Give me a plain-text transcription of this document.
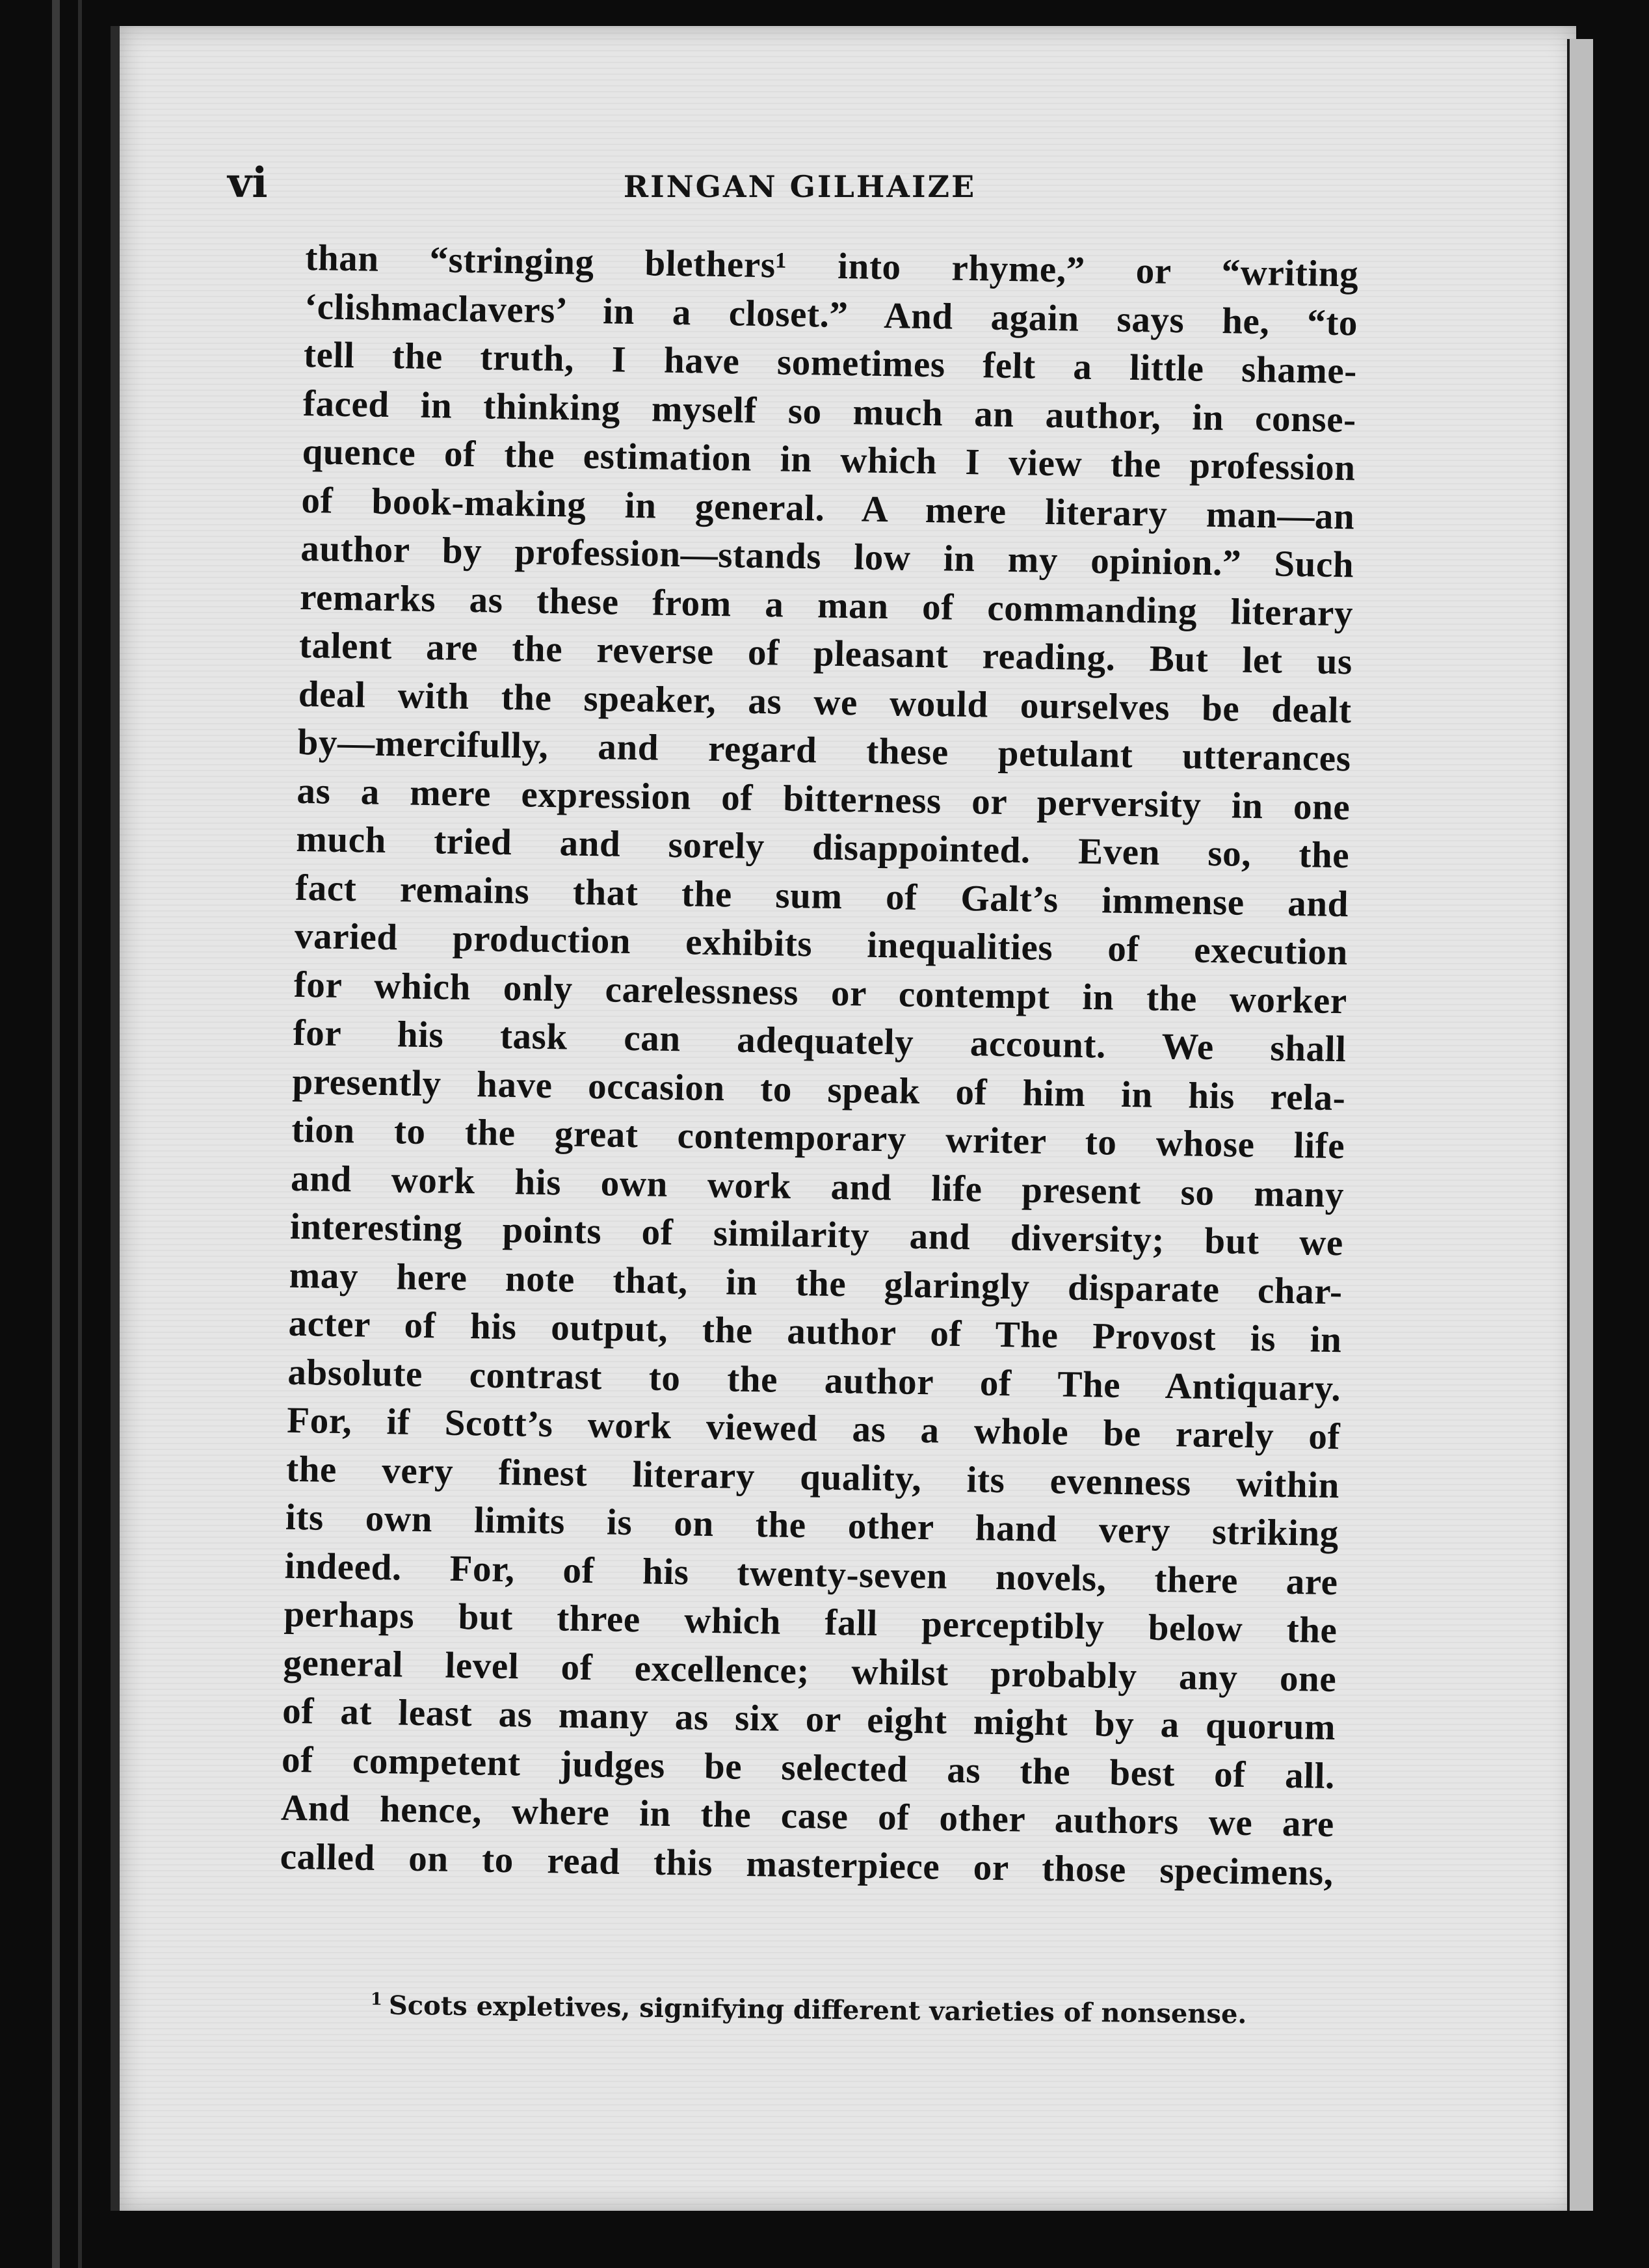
vi	RINGAN GILHAIZE
than “stringing blethers¹ into rhyme,” or “writing
‘clishmaclavers’ in a closet.” And again says he, “to
tell the truth, I have sometimes felt a little shame-
faced in thinking myself so much an author, in conse-
quence of the estimation in which I view the profession
of book-making in general. A mere literary man—an
author by profession—stands low in my opinion.” Such
remarks as these from a man of commanding literary
talent are the reverse of pleasant reading. But let us
deal with the speaker, as we would ourselves be dealt
by—mercifully, and regard these petulant utterances
as a mere expression of bitterness or perversity in one
much tried and sorely disappointed. Even so, the
fact remains that the sum of Galt’s immense and
varied production exhibits inequalities of execution
for which only carelessness or contempt in the worker
for his task can adequately account. We shall
presently have occasion to speak of him in his rela-
tion to the great contemporary writer to whose life
and work his own work and life present so many
interesting points of similarity and diversity; but we
may here note that, in the glaringly disparate char-
acter of his output, the author of The Provost is in
absolute contrast to the author of The Antiquary.
For, if Scott’s work viewed as a whole be rarely of
the very finest literary quality, its evenness within
its own limits is on the other hand very striking
indeed. For, of his twenty-seven novels, there are
perhaps but three which fall perceptibly below the
general level of excellence; whilst probably any one
of at least as many as six or eight might by a quorum
of competent judges be selected as the best of all.
And hence, where in the case of other authors we are
called on to read this masterpiece or those specimens,
$^1$ Scots expletives, signifying different varieties of nonsense.
